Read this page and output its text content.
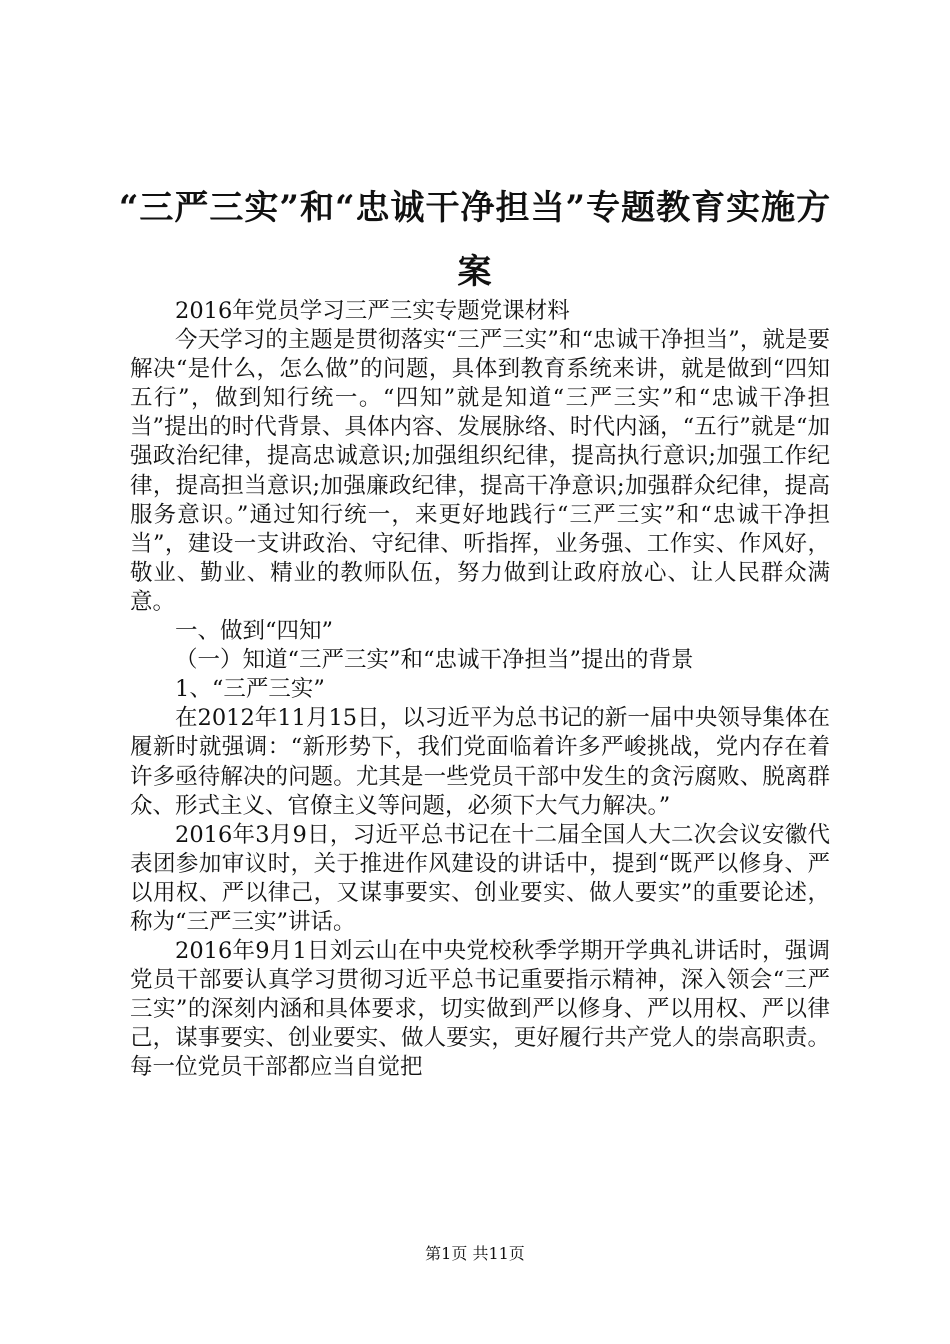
“三严三实”和“忠诚干净担当”专题教育实施方案

2016年党员学习三严三实专题党课材料

今天学习的主题是贯彻落实“三严三实”和“忠诚干净担当”，就是要解决“是什么，怎么做”的问题，具体到教育系统来讲，就是做到“四知五行”，做到知行统一。“四知”就是知道“三严三实”和“忠诚干净担当”提出的时代背景、具体内容、发展脉络、时代内涵，“五行”就是“加强政治纪律，提高忠诚意识;加强组织纪律，提高执行意识;加强工作纪律，提高担当意识;加强廉政纪律，提高干净意识;加强群众纪律，提高服务意识。”通过知行统一，来更好地践行“三严三实”和“忠诚干净担当”，建设一支讲政治、守纪律、听指挥，业务强、工作实、作风好，敬业、勤业、精业的教师队伍，努力做到让政府放心、让人民群众满意。

一、做到“四知”

（一）知道“三严三实”和“忠诚干净担当”提出的背景

1、“三严三实”

在2012年11月15日，以习近平为总书记的新一届中央领导集体在履新时就强调：“新形势下，我们党面临着许多严峻挑战，党内存在着许多亟待解决的问题。尤其是一些党员干部中发生的贪污腐败、脱离群众、形式主义、官僚主义等问题，必须下大气力解决。”

2016年3月9日，习近平总书记在十二届全国人大二次会议安徽代表团参加审议时，关于推进作风建设的讲话中，提到“既严以修身、严以用权、严以律己，又谋事要实、创业要实、做人要实”的重要论述，称为“三严三实”讲话。

2016年9月1日刘云山在中央党校秋季学期开学典礼讲话时，强调党员干部要认真学习贯彻习近平总书记重要指示精神，深入领会“三严三实”的深刻内涵和具体要求，切实做到严以修身、严以用权、严以律己，谋事要实、创业要实、做人要实，更好履行共产党人的崇高职责。每一位党员干部都应当自觉把

第1页 共11页
